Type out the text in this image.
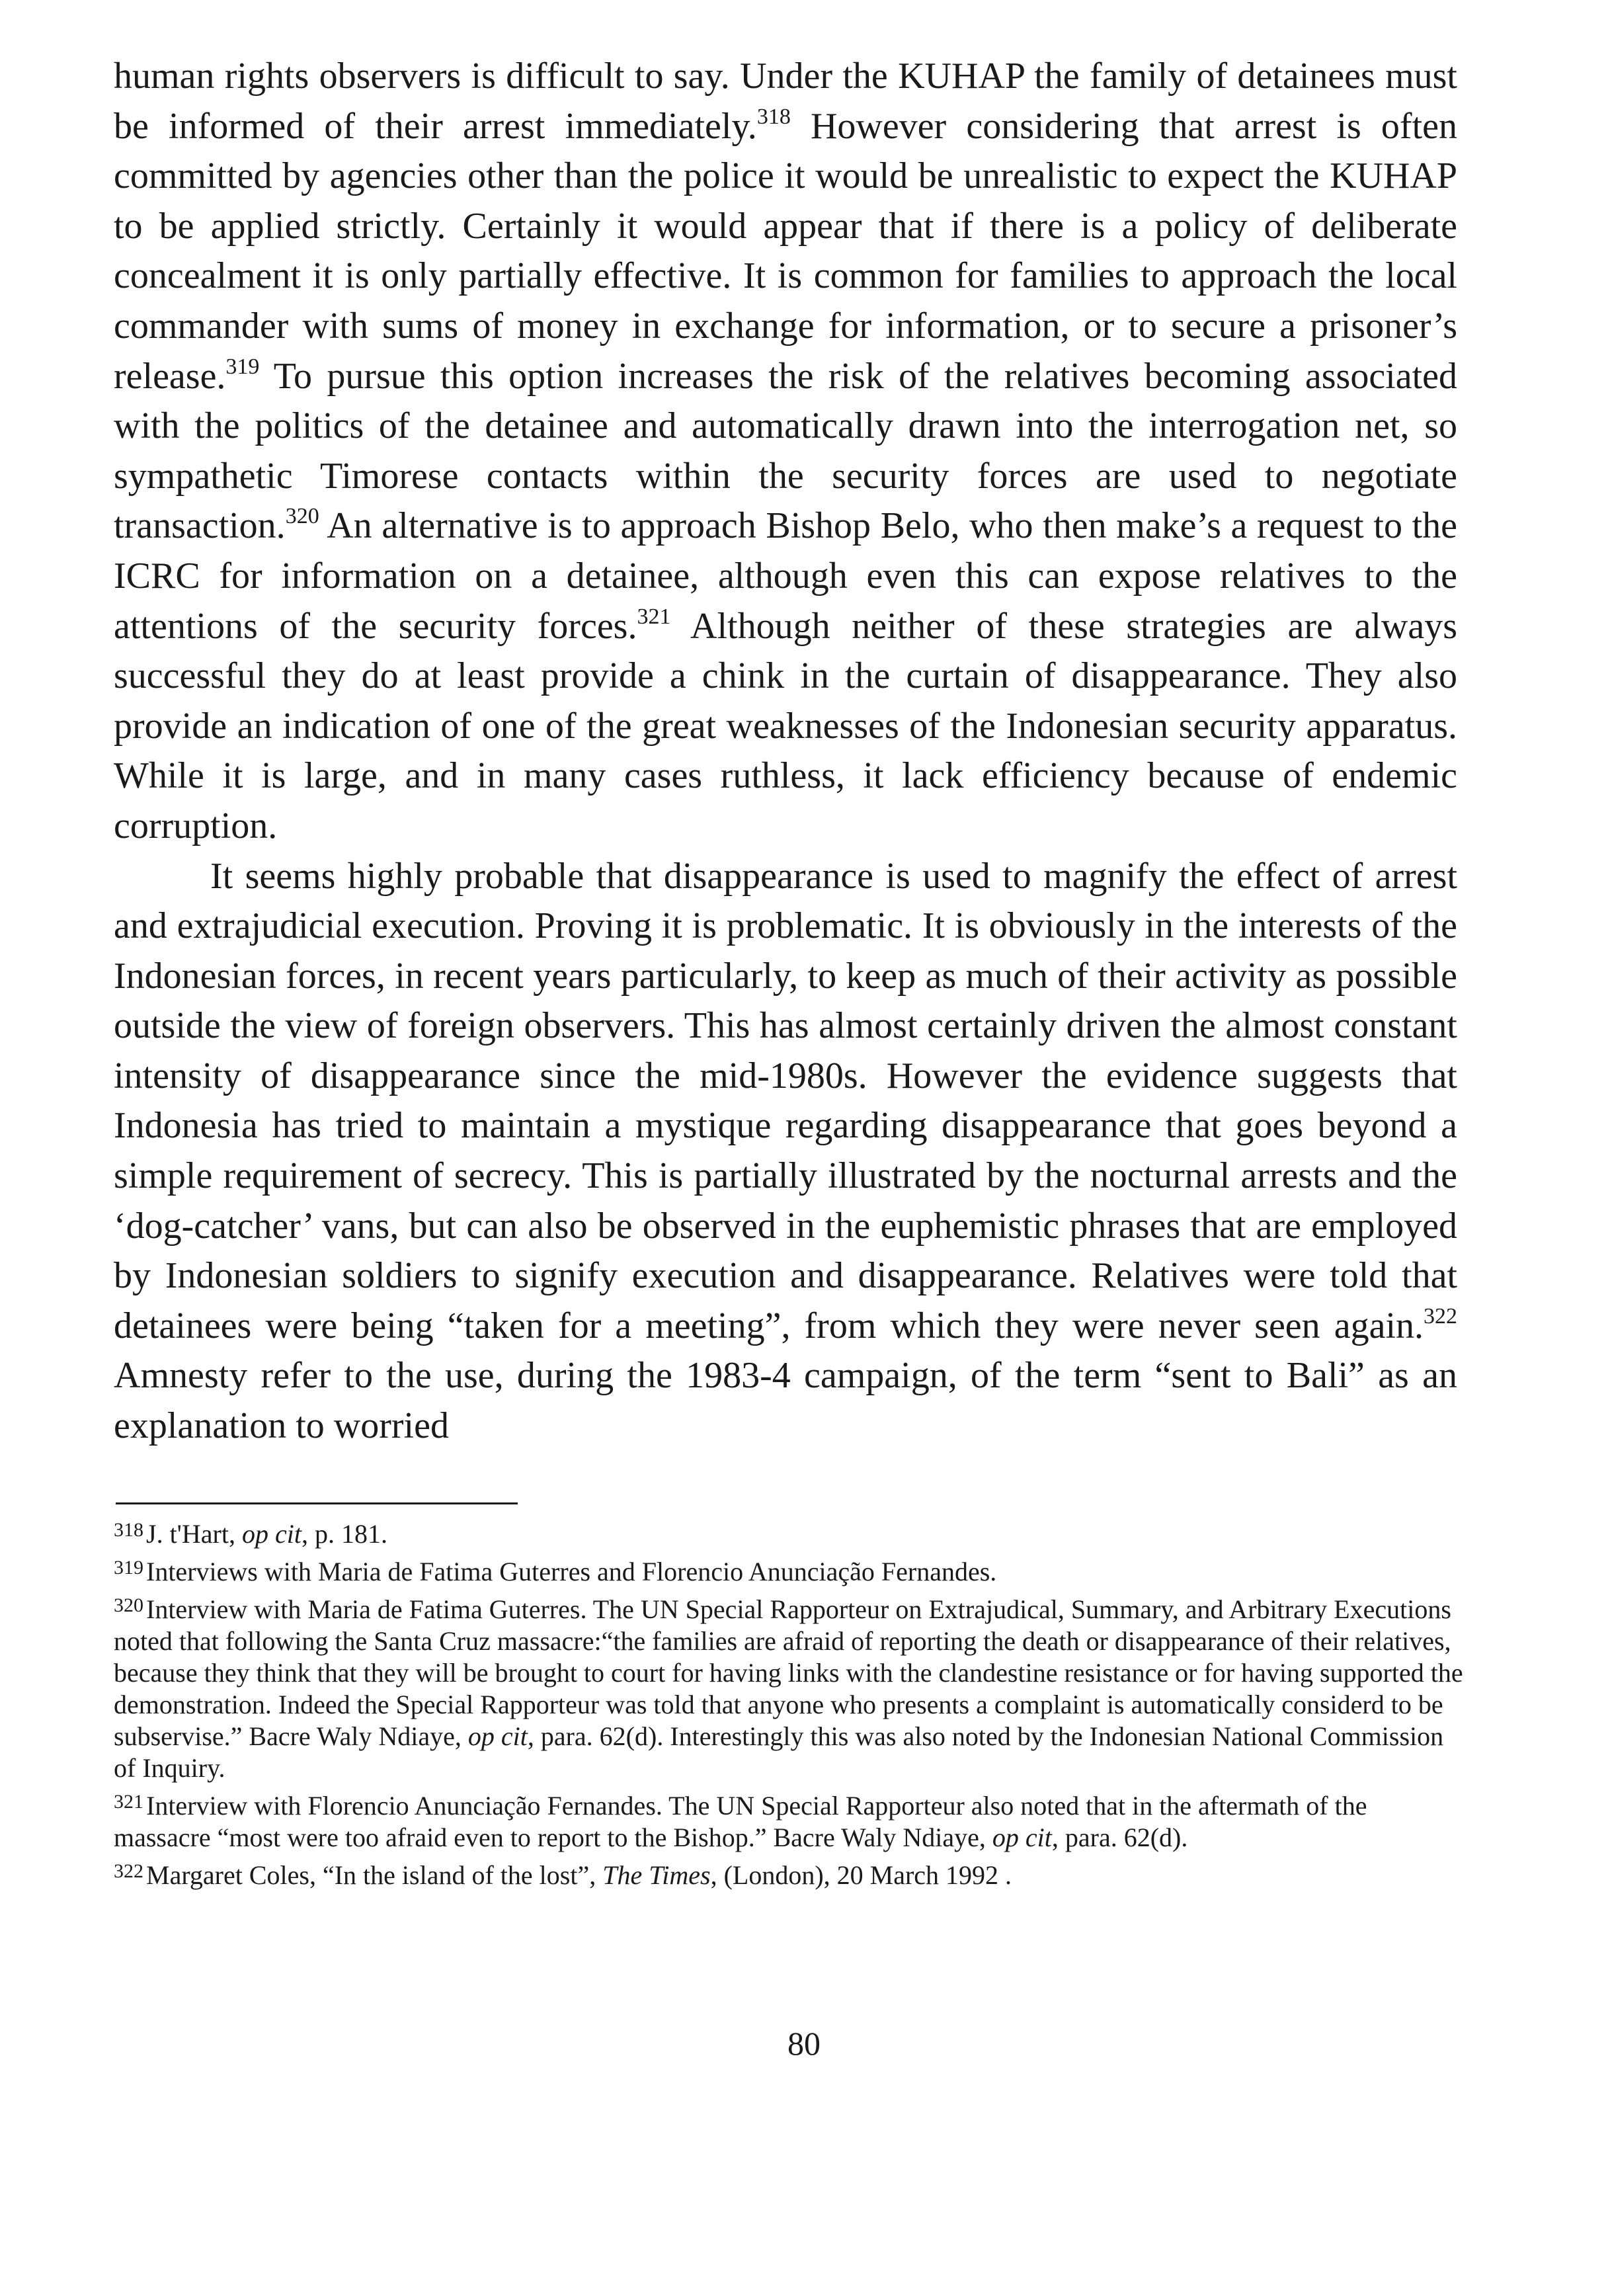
human rights observers is difficult to say. Under the KUHAP the family of detainees must be informed of their arrest immediately.$^{318}$ However considering that arrest is often committed by agencies other than the police it would be unrealistic to expect the KUHAP to be applied strictly. Certainly it would appear that if there is a policy of deliberate concealment it is only partially effective. It is common for families to approach the local commander with sums of money in exchange for information, or to secure a prisoner’s release.$^{319}$ To pursue this option increases the risk of the relatives becoming associated with the politics of the detainee and automatically drawn into the interrogation net, so sympathetic Timorese contacts within the security forces are used to negotiate transaction.$^{320}$ An alternative is to approach Bishop Belo, who then make’s a request to the ICRC for information on a detainee, although even this can expose relatives to the attentions of the security forces.$^{321}$ Although neither of these strategies are always successful they do at least provide a chink in the curtain of disappearance. They also provide an indication of one of the great weaknesses of the Indonesian security apparatus. While it is large, and in many cases ruthless, it lack efficiency because of endemic corruption.

It seems highly probable that disappearance is used to magnify the effect of arrest and extrajudicial execution. Proving it is problematic. It is obviously in the interests of the Indonesian forces, in recent years particularly, to keep as much of their activity as possible outside the view of foreign observers. This has almost certainly driven the almost constant intensity of disappearance since the mid-1980s. However the evidence suggests that Indonesia has tried to maintain a mystique regarding disappearance that goes beyond a simple requirement of secrecy. This is partially illustrated by the nocturnal arrests and the ‘dog-catcher’ vans, but can also be observed in the euphemistic phrases that are employed by Indonesian soldiers to signify execution and disappearance. Relatives were told that detainees were being “taken for a meeting”, from which they were never seen again.$^{322}$ Amnesty refer to the use, during the 1983-4 campaign, of the term “sent to Bali” as an explanation to worried

$^{318}$ J. t'Hart, op cit, p. 181.

$^{319}$ Interviews with Maria de Fatima Guterres and Florencio Anunciação Fernandes.

$^{320}$ Interview with Maria de Fatima Guterres. The UN Special Rapporteur on Extrajudical, Summary, and Arbitrary Executions noted that following the Santa Cruz massacre:“the families are afraid of reporting the death or disappearance of their relatives, because they think that they will be brought to court for having links with the clandestine resistance or for having supported the demonstration. Indeed the Special Rapporteur was told that anyone who presents a complaint is automatically considerd to be subservise.” Bacre Waly Ndiaye, op cit, para. 62(d). Interestingly this was also noted by the Indonesian National Commission of Inquiry.

$^{321}$ Interview with Florencio Anunciação Fernandes. The UN Special Rapporteur also noted that in the aftermath of the massacre “most were too afraid even to report to the Bishop.” Bacre Waly Ndiaye, op cit, para. 62(d).

$^{322}$ Margaret Coles, “In the island of the lost”, The Times, (London), 20 March 1992 .

80
